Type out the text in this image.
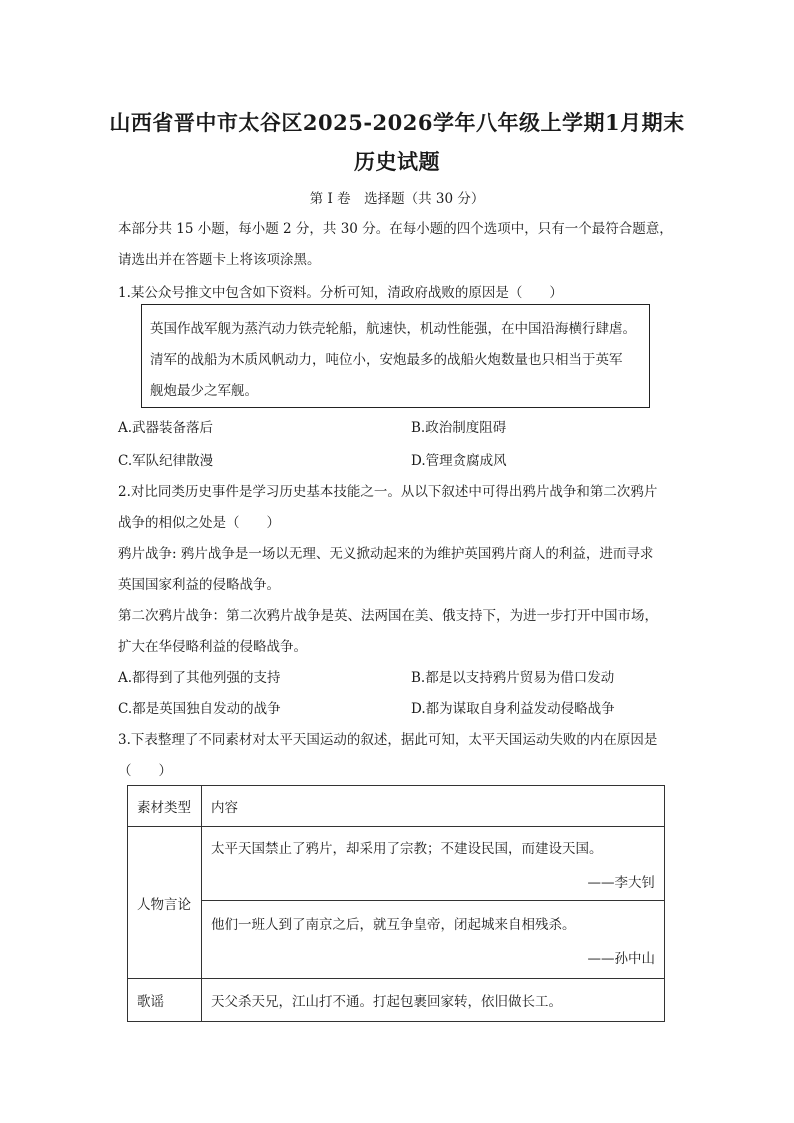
山西省晋中市太谷区2025-2026学年八年级上学期1月期末
历史试题
第 I 卷　选择题（共 30 分）
本部分共 15 小题，每小题 2 分，共 30 分。在每小题的四个选项中，只有一个最符合题意，
请选出并在答题卡上将该项涂黑。
1.某公众号推文中包含如下资料。分析可知，清政府战败的原因是（　　）
英国作战军舰为蒸汽动力铁壳轮船，航速快，机动性能强，在中国沿海横行肆虐。
清军的战船为木质风帆动力，吨位小，安炮最多的战船火炮数量也只相当于英军
舰炮最少之军舰。
A.武器装备落后	B.政治制度阻碍
C.军队纪律散漫	D.管理贪腐成风
2.对比同类历史事件是学习历史基本技能之一。从以下叙述中可得出鸦片战争和第二次鸦片
战争的相似之处是（　　）
鸦片战争: 鸦片战争是一场以无理、无义掀动起来的为维护英国鸦片商人的利益，进而寻求
英国国家利益的侵略战争。
第二次鸦片战争：第二次鸦片战争是英、法两国在美、俄支持下，为进一步打开中国市场，
扩大在华侵略利益的侵略战争。
A.都得到了其他列强的支持	B.都是以支持鸦片贸易为借口发动
C.都是英国独自发动的战争	D.都为谋取自身利益发动侵略战争
3.下表整理了不同素材对太平天国运动的叙述，据此可知，太平天国运动失败的内在原因是
（　　）
素材类型	内容
人物言论	太平天国禁止了鸦片，却采用了宗教；不建设民国，而建设天国。
——李大钊

	他们一班人到了南京之后，就互争皇帝，闭起城来自相残杀。
——孙中山

歌谣	天父杀天兄，江山打不通。打起包裹回家转，依旧做长工。
